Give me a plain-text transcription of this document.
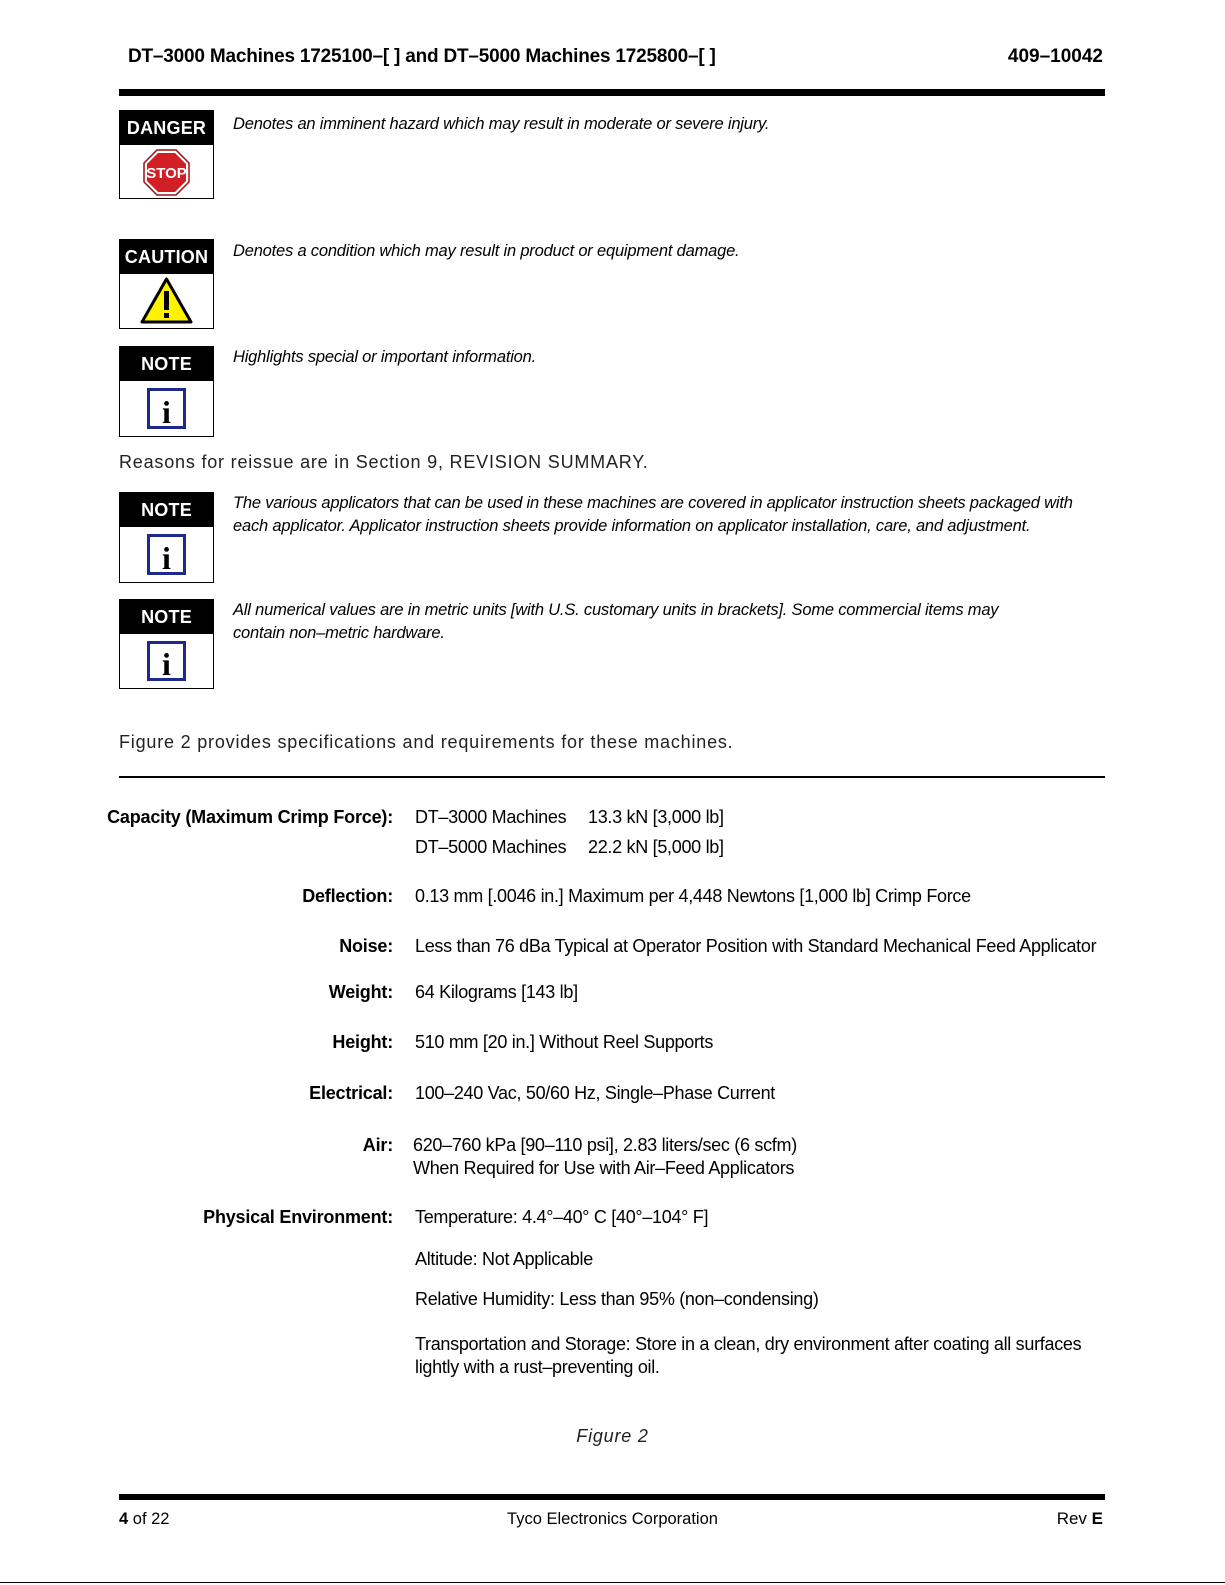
DT–3000 Machines 1725100–[ ] and DT–5000 Machines 1725800–[ ]	409–10042
DANGER
STOP
Denotes an imminent hazard which may result in moderate or severe injury.
CAUTION Denotes a condition which may result in product or equipment damage.
NOTE
i
Highlights special or important information.
Reasons for reissue are in Section 9, REVISION SUMMARY.
NOTE
i
The various applicators that can be used in these machines are covered in applicator instruction sheets packaged with
each applicator. Applicator instruction sheets provide information on applicator installation, care, and adjustment.
NOTE
i
All numerical values are in metric units [with U.S. customary units in brackets]. Some commercial items may
contain non–metric hardware.
Figure 2 provides specifications and requirements for these machines.
Capacity (Maximum Crimp Force): DT–3000 Machines 13.3 kN [3,000 lb]
DT–5000 Machines 22.2 kN [5,000 lb]
Deflection: 0.13 mm [.0046 in.] Maximum per 4,448 Newtons [1,000 lb] Crimp Force
Noise: Less than 76 dBa Typical at Operator Position with Standard Mechanical Feed Applicator
Weight: 64 Kilograms [143 lb]
Height: 510 mm [20 in.] Without Reel Supports
Electrical: 100–240 Vac, 50/60 Hz, Single–Phase Current
Air: 620–760 kPa [90–110 psi], 2.83 liters/sec (6 scfm)
When Required for Use with Air–Feed Applicators
Physical Environment: Temperature: 4.4°–40° C [40°–104° F]
Altitude: Not Applicable
Relative Humidity: Less than 95% (non–condensing)
Transportation and Storage: Store in a clean, dry environment after coating all surfaces
lightly with a rust–preventing oil.
Figure 2
4 of 22	Tyco Electronics Corporation	Rev E
